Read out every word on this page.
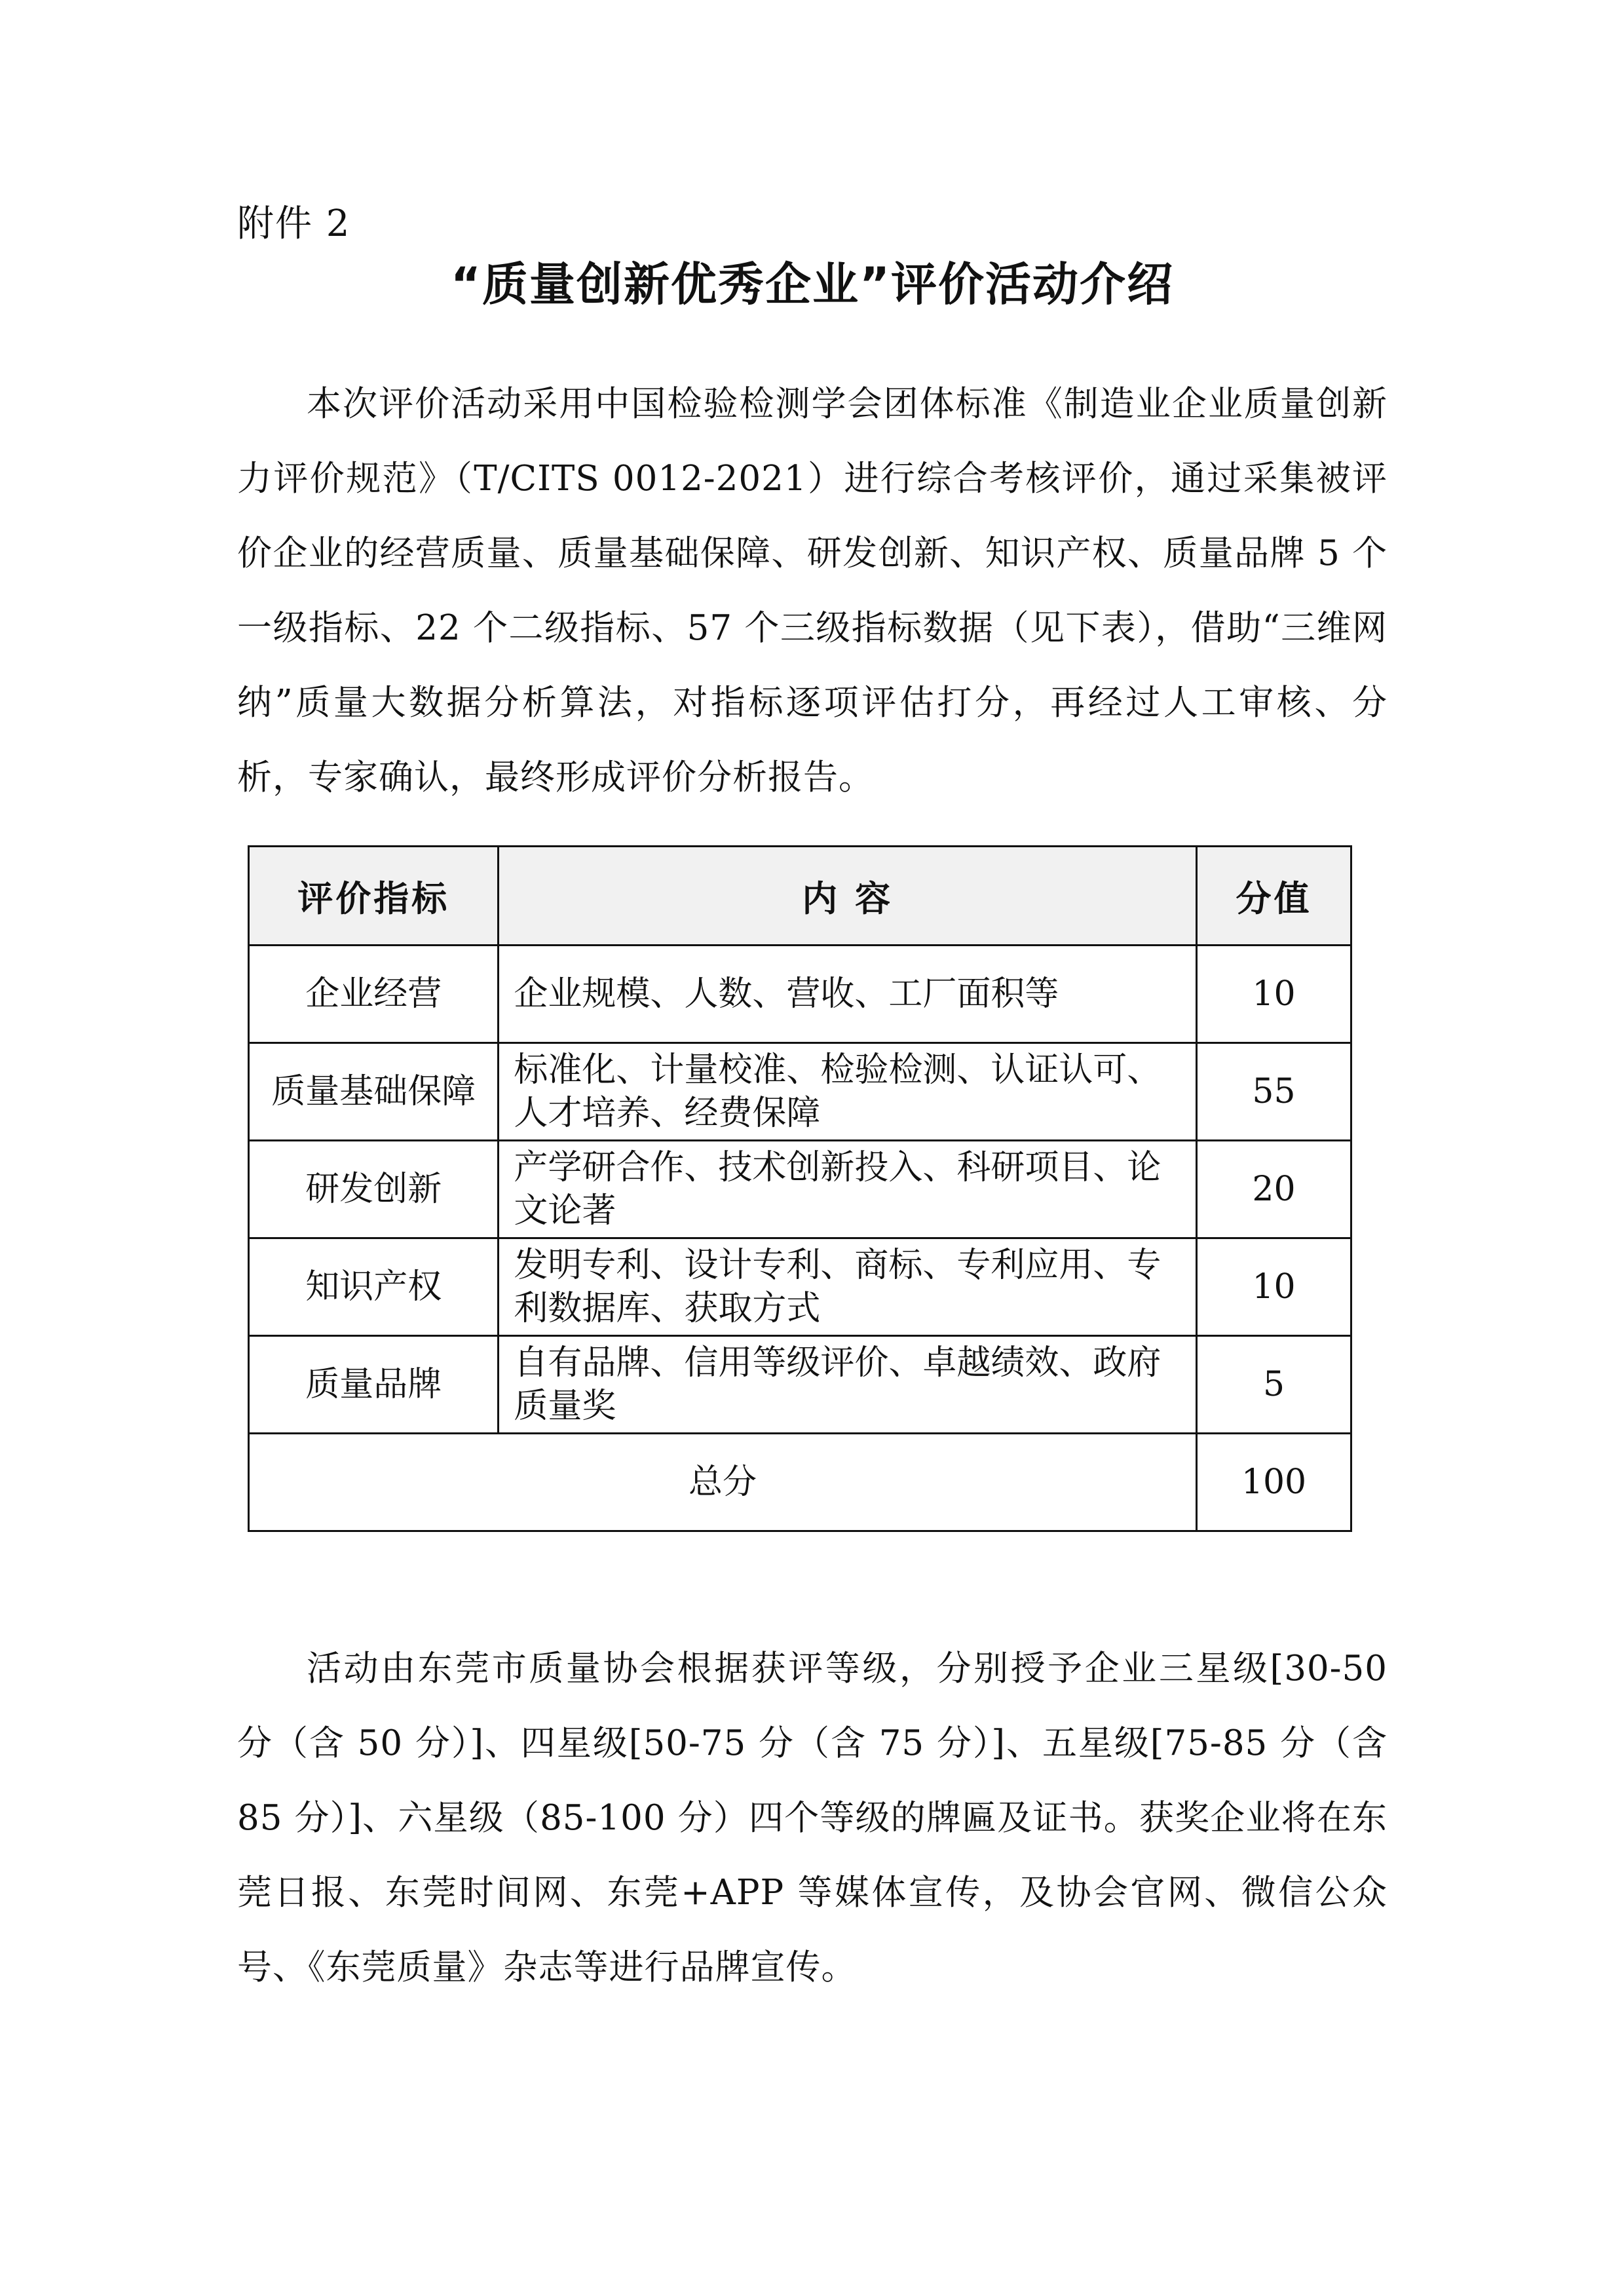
附件 2
“质量创新优秀企业”评价活动介绍

本次评价活动采用中国检验检测学会团体标准《制造业企业质量创新力评价规范》（T/CITS 0012-2021）进行综合考核评价，通过采集被评价企业的经营质量、质量基础保障、研发创新、知识产权、质量品牌 5 个一级指标、22 个二级指标、57 个三级指标数据（见下表），借助“三维网纳”质量大数据分析算法，对指标逐项评估打分，再经过人工审核、分析，专家确认，最终形成评价分析报告。

评价指标	内 容	分值
企业经营	企业规模、人数、营收、工厂面积等	10
质量基础保障	标准化、计量校准、检验检测、认证认可、人才培养、经费保障	55
研发创新	产学研合作、技术创新投入、科研项目、论文论著	20
知识产权	发明专利、设计专利、商标、专利应用、专利数据库、获取方式	10
质量品牌	自有品牌、信用等级评价、卓越绩效、政府质量奖	5
总分		100

活动由东莞市质量协会根据获评等级，分别授予企业三星级[30-50 分（含 50 分）]、四星级[50-75 分（含 75 分）]、五星级[75-85 分（含 85 分）]、六星级（85-100 分）四个等级的牌匾及证书。获奖企业将在东莞日报、东莞时间网、东莞+APP 等媒体宣传，及协会官网、微信公众号、《东莞质量》杂志等进行品牌宣传。
